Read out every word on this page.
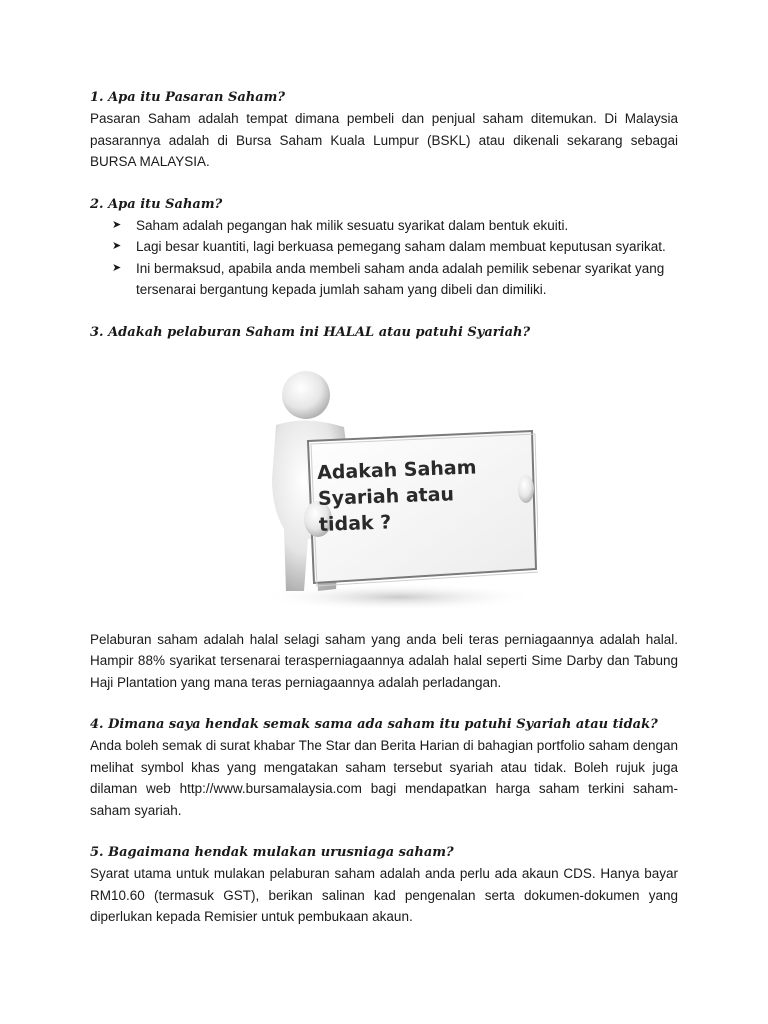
1. Apa itu Pasaran Saham?

Pasaran Saham adalah tempat dimana pembeli dan penjual saham ditemukan. Di Malaysia pasarannya adalah di Bursa Saham Kuala Lumpur (BSKL) atau dikenali sekarang sebagai BURSA MALAYSIA.

2. Apa itu Saham?
➤ Saham adalah pegangan hak milik sesuatu syarikat dalam bentuk ekuiti.
➤ Lagi besar kuantiti, lagi berkuasa pemegang saham dalam membuat keputusan syarikat.
➤ Ini bermaksud, apabila anda membeli saham anda adalah pemilik sebenar syarikat yang tersenarai bergantung kepada jumlah saham yang dibeli dan dimiliki.
3. Adakah pelaburan Saham ini HALAL atau patuhi Syariah?
Adakah Saham
Syariah atau
tidak ?

Pelaburan saham adalah halal selagi saham yang anda beli teras perniagaannya adalah halal. Hampir 88% syarikat tersenarai terasperniagaannya adalah halal seperti Sime Darby dan Tabung Haji Plantation yang mana teras perniagaannya adalah perladangan.

4. Dimana saya hendak semak sama ada saham itu patuhi Syariah atau tidak?

Anda boleh semak di surat khabar The Star dan Berita Harian di bahagian portfolio saham dengan melihat symbol khas yang mengatakan saham tersebut syariah atau tidak. Boleh rujuk juga dilaman web http://www.bursamalaysia.com bagi mendapatkan harga saham terkini saham-saham syariah.

5. Bagaimana hendak mulakan urusniaga saham?

Syarat utama untuk mulakan pelaburan saham adalah anda perlu ada akaun CDS. Hanya bayar RM10.60 (termasuk GST), berikan salinan kad pengenalan serta dokumen-dokumen yang diperlukan kepada Remisier untuk pembukaan akaun.
